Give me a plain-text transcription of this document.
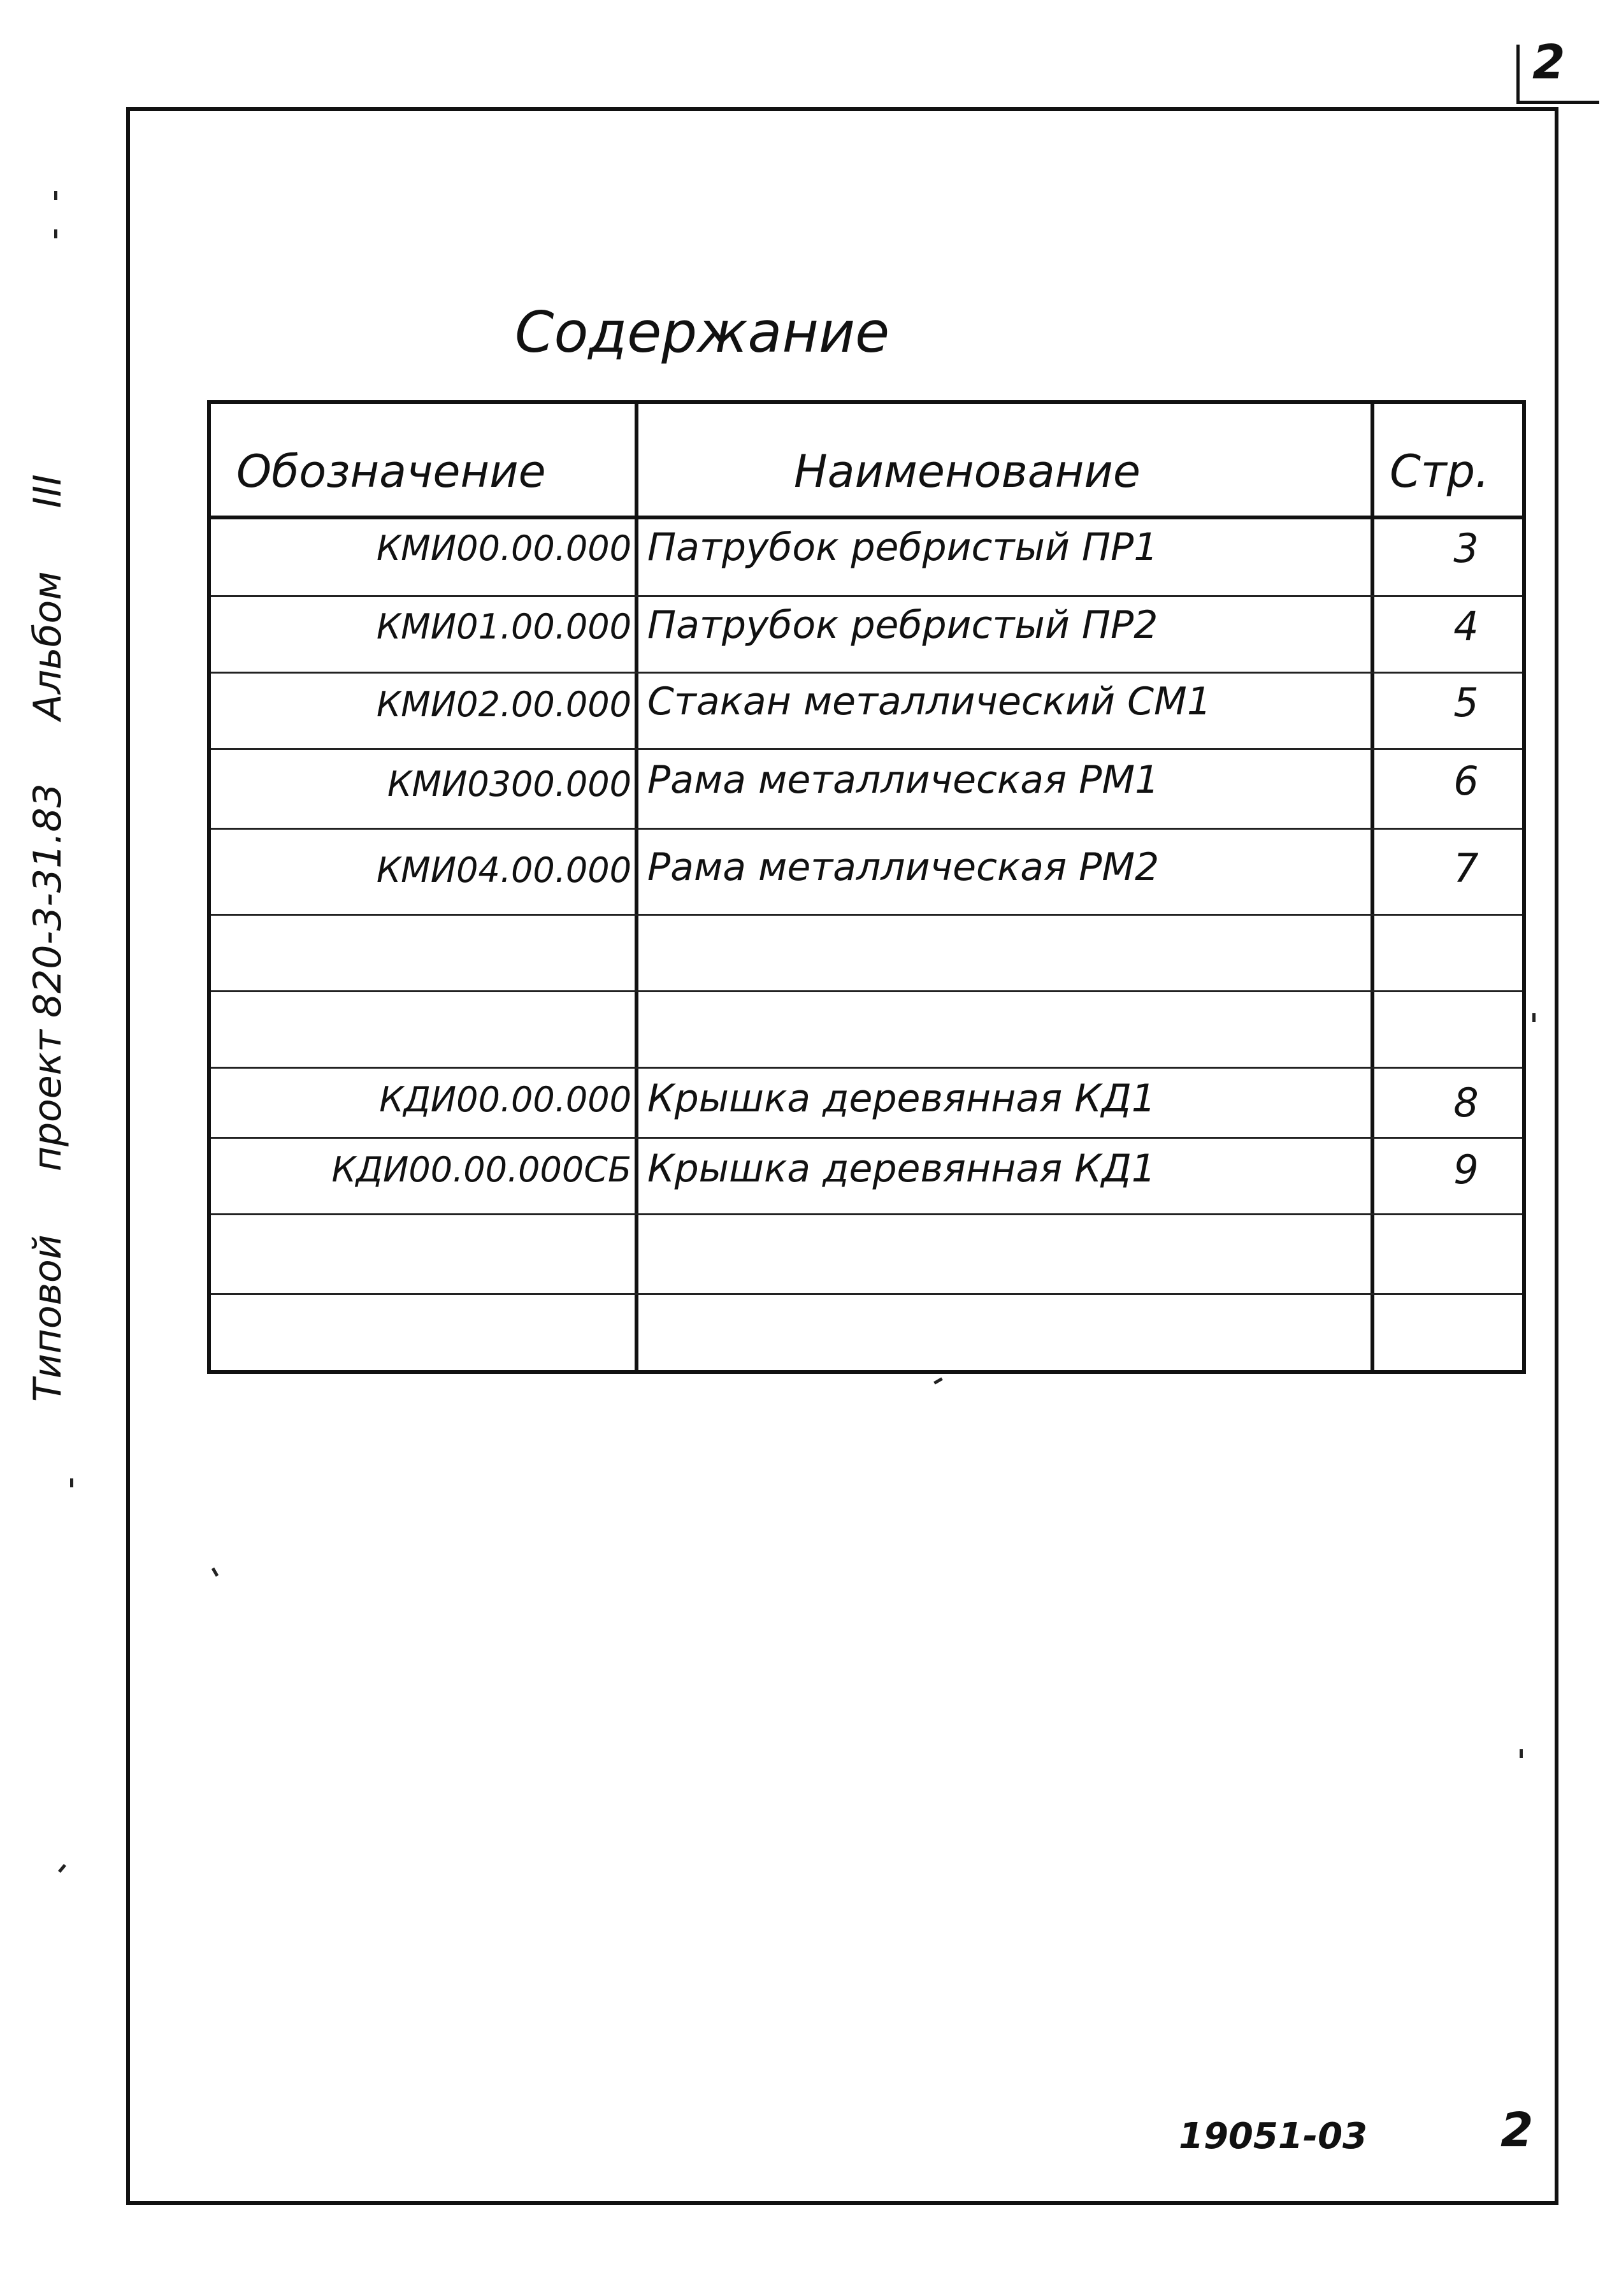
2
Типовой проект 820-3-31.83 Альбом III
Содержание
Обозначение	Наименование	Стр.
КМИ00.00.000 Патрубок ребристый ПР1	3
КМИ01.00.000 Патрубок ребристый ПР2	4
КМИ02.00.000 Стакан металлический СМ1	5
КМИ0300.000 Рама металлическая РМ1	6
КМИ04.00.000 Рама металлическая РМ2	7
КДИ00.00.000 Крышка деревянная КД1	8
КДИ00.00.000СБ Крышка деревянная КД1	9
19051-03	2
